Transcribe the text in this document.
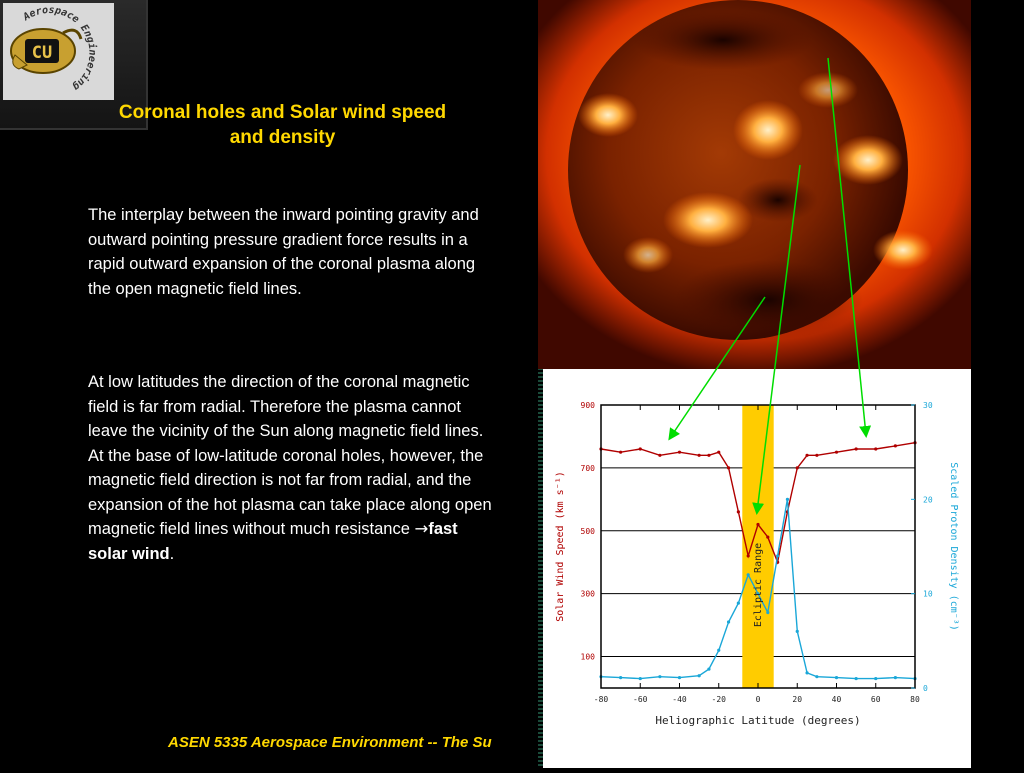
CU
Aerospace Engineering
Coronal holes and Solar wind speed and density
The interplay between the inward pointing gravity and outward pointing pressure gradient force results in a rapid outward expansion of the coronal plasma along the open magnetic field lines.
At low latitudes the direction of the coronal magnetic field is far from radial. Therefore the plasma cannot leave the vicinity of the Sun along magnetic field lines. At the base of low-latitude coronal holes, however, the magnetic field direction is not far from radial, and the expansion of the hot plasma can take place along open magnetic field lines without much resistance →fast solar wind.
ASEN 5335 Aerospace Environment -- The Su
100
300
500
700
900
0
10
20
30
-80	-60	-40	-20	0	20	40	60	80
Ecliptic Range
Heliographic Latitude (degrees)
Solar Wind Speed (km s⁻¹)	Scaled Proton Density (cm⁻³)
